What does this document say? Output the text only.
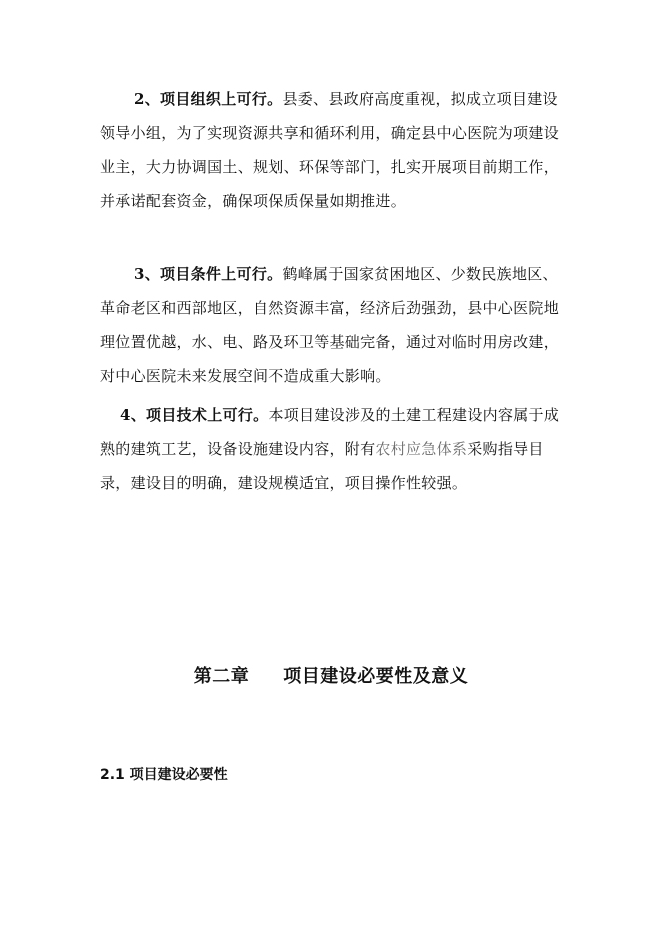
2、项目组织上可行。县委、县政府高度重视，拟成立项目建设领导小组，为了实现资源共享和循环利用，确定县中心医院为项建设业主，大力协调国土、规划、环保等部门，扎实开展项目前期工作，并承诺配套资金，确保项保质保量如期推进。

3、项目条件上可行。鹤峰属于国家贫困地区、少数民族地区、革命老区和西部地区，自然资源丰富，经济后劲强劲，县中心医院地理位置优越，水、电、路及环卫等基础完备，通过对临时用房改建，对中心医院未来发展空间不造成重大影响。

4、项目技术上可行。本项目建设涉及的土建工程建设内容属于成熟的建筑工艺，设备设施建设内容，附有农村应急体系采购指导目录，建设目的明确，建设规模适宜，项目操作性较强。

第二章 项目建设必要性及意义
2.1 项目建设必要性
